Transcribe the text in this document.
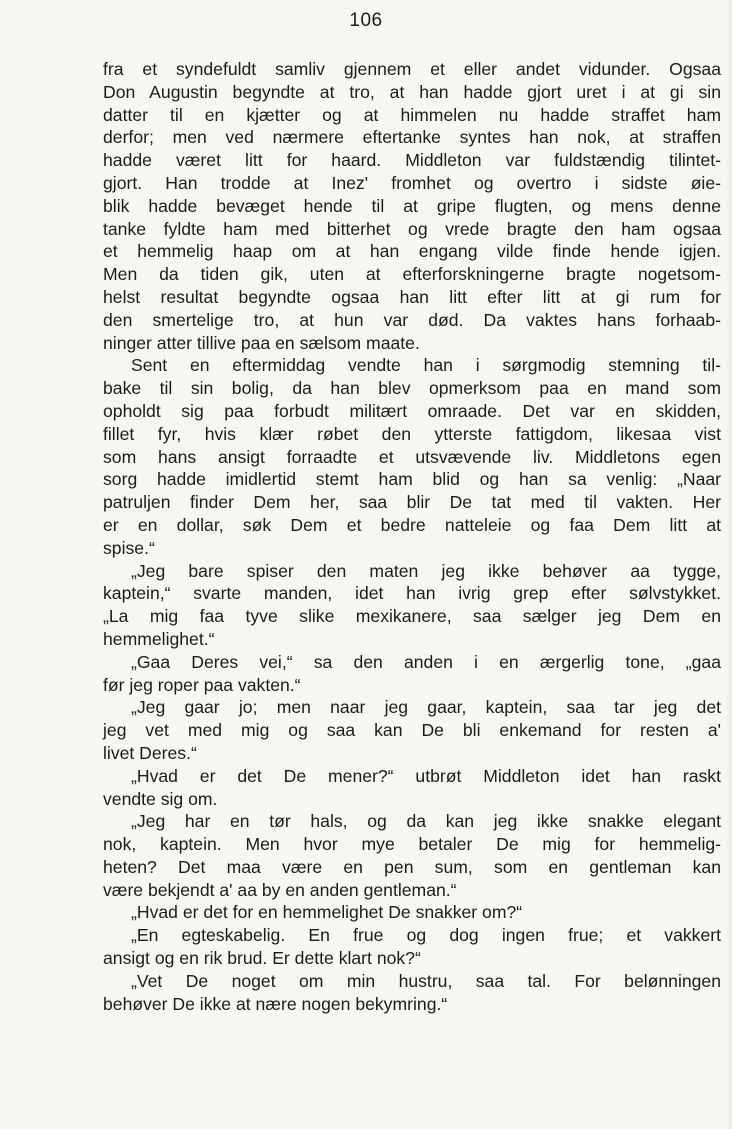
106
fra et syndefuldt samliv gjennem et eller andet vidunder. Ogsaa
Don Augustin begyndte at tro, at han hadde gjort uret i at gi sin
datter til en kjætter og at himmelen nu hadde straffet ham
derfor; men ved nærmere eftertanke syntes han nok, at straffen
hadde været litt for haard. Middleton var fuldstændig tilintet-
gjort. Han trodde at Inez' fromhet og overtro i sidste øie-
blik hadde bevæget hende til at gripe flugten, og mens denne
tanke fyldte ham med bitterhet og vrede bragte den ham ogsaa
et hemmelig haap om at han engang vilde finde hende igjen.
Men da tiden gik, uten at efterforskningerne bragte nogetsom-
helst resultat begyndte ogsaa han litt efter litt at gi rum for
den smertelige tro, at hun var død. Da vaktes hans forhaab-
ninger atter tillive paa en sælsom maate.
Sent en eftermiddag vendte han i sørgmodig stemning til-
bake til sin bolig, da han blev opmerksom paa en mand som
opholdt sig paa forbudt militært omraade. Det var en skidden,
fillet fyr, hvis klær røbet den ytterste fattigdom, likesaa vist
som hans ansigt forraadte et utsvævende liv. Middletons egen
sorg hadde imidlertid stemt ham blid og han sa venlig: „Naar
patruljen finder Dem her, saa blir De tat med til vakten. Her
er en dollar, søk Dem et bedre natteleie og faa Dem litt at
spise.“
„Jeg bare spiser den maten jeg ikke behøver aa tygge,
kaptein,“ svarte manden, idet han ivrig grep efter sølvstykket.
„La mig faa tyve slike mexikanere, saa sælger jeg Dem en
hemmelighet.“
„Gaa Deres vei,“ sa den anden i en ærgerlig tone, „gaa
før jeg roper paa vakten.“
„Jeg gaar jo; men naar jeg gaar, kaptein, saa tar jeg det
jeg vet med mig og saa kan De bli enkemand for resten a'
livet Deres.“
„Hvad er det De mener?“ utbrøt Middleton idet han raskt
vendte sig om.
„Jeg har en tør hals, og da kan jeg ikke snakke elegant
nok, kaptein. Men hvor mye betaler De mig for hemmelig-
heten? Det maa være en pen sum, som en gentleman kan
være bekjendt a' aa by en anden gentleman.“
„Hvad er det for en hemmelighet De snakker om?“
„En egteskabelig. En frue og dog ingen frue; et vakkert
ansigt og en rik brud. Er dette klart nok?“
„Vet De noget om min hustru, saa tal. For belønningen
behøver De ikke at nære nogen bekymring.“
